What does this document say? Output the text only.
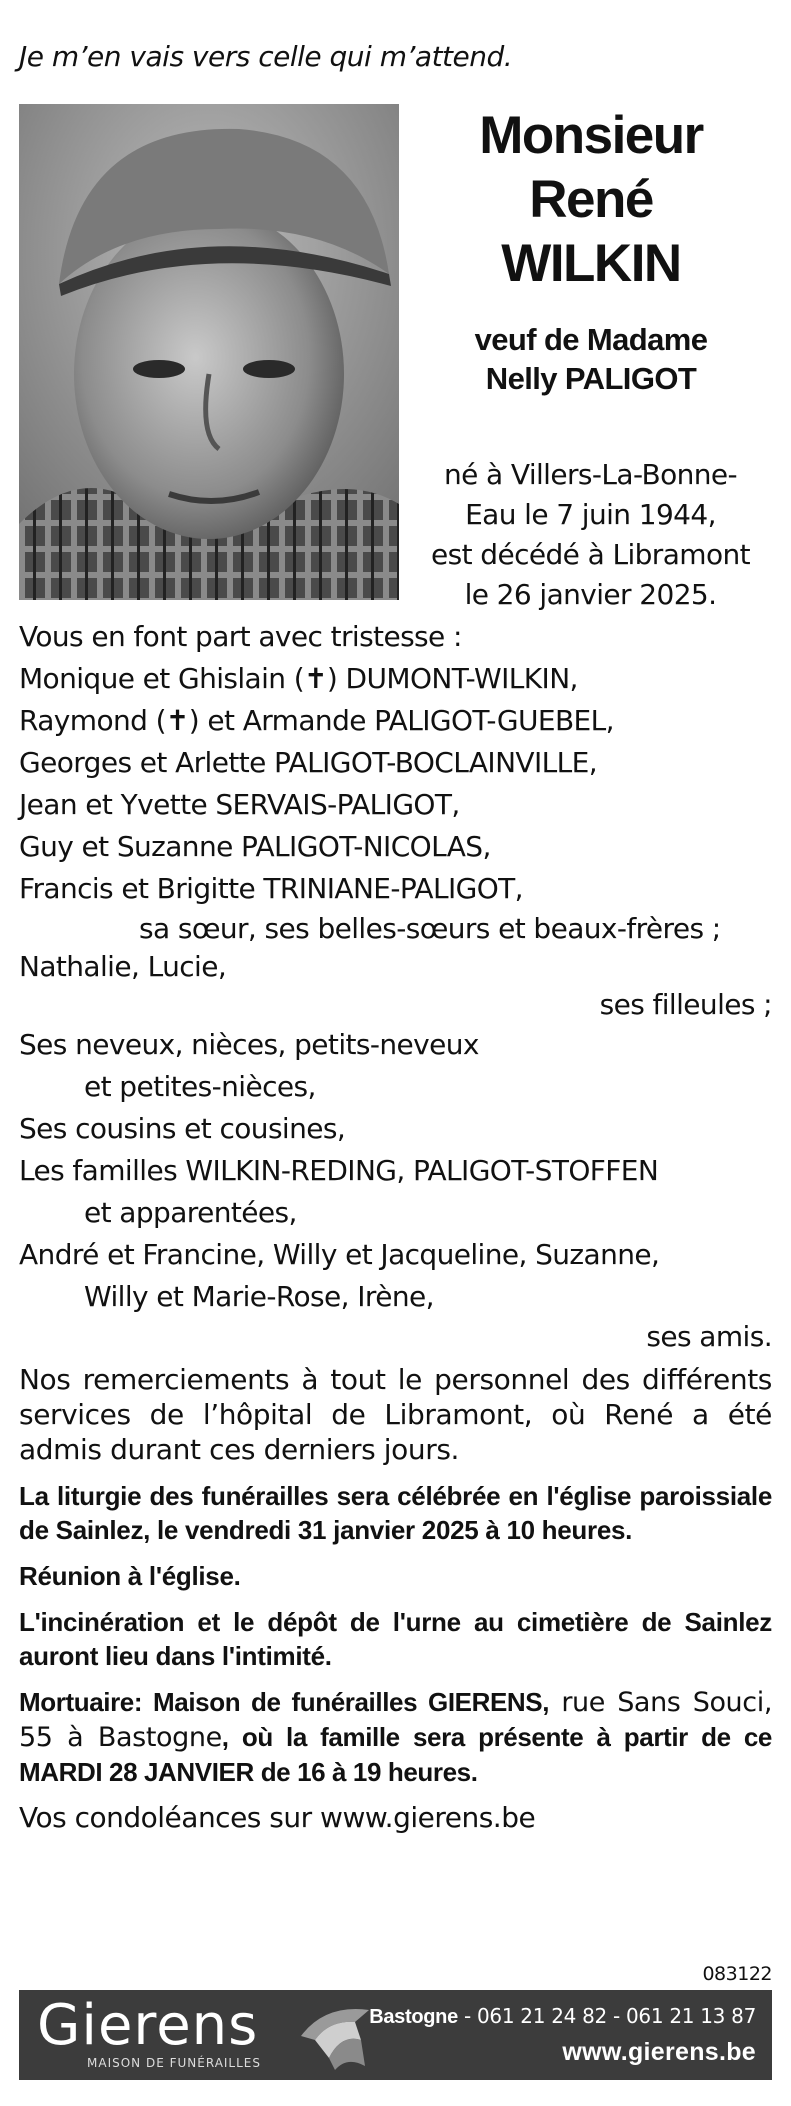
Je m’en vais vers celle qui m’attend.
Monsieur
René
WILKIN
veuf de Madame
Nelly PALIGOT
né à Villers-La-Bonne-
Eau le 7 juin 1944,
est décédé à Libramont
le 26 janvier 2025.
Vous en font part avec tristesse :
Monique et Ghislain (✝) DUMONT-WILKIN,
Raymond (✝) et Armande PALIGOT-GUEBEL,
Georges et Arlette PALIGOT-BOCLAINVILLE,
Jean et Yvette SERVAIS-PALIGOT,
Guy et Suzanne PALIGOT-NICOLAS,
Francis et Brigitte TRINIANE-PALIGOT,
sa sœur, ses belles-sœurs et beaux-frères ;
Nathalie, Lucie,
ses filleules ;
Ses neveux, nièces, petits-neveux
et petites-nièces,
Ses cousins et cousines,
Les familles WILKIN-REDING, PALIGOT-STOFFEN
et apparentées,
André et Francine, Willy et Jacqueline, Suzanne,
Willy et Marie-Rose, Irène,
ses amis.
Nos remerciements à tout le personnel des différents services de l’hôpital de Libramont, où René a été admis durant ces derniers jours.
La liturgie des funérailles sera célébrée en l'église paroissiale de Sainlez, le vendredi 31 janvier 2025 à 10 heures.
Réunion à l'église.
L'incinération et le dépôt de l'urne au cimetière de Sainlez auront lieu dans l'intimité.
Mortuaire: Maison de funérailles GIERENS, rue Sans Souci, 55 à Bastogne, où la famille sera présente à partir de ce MARDI 28 JANVIER de 16 à 19 heures.
Vos condoléances sur www.gierens.be
083122
Gierens
MAISON DE FUNÉRAILLES
Bastogne - 061 21 24 82 - 061 21 13 87
www.gierens.be
